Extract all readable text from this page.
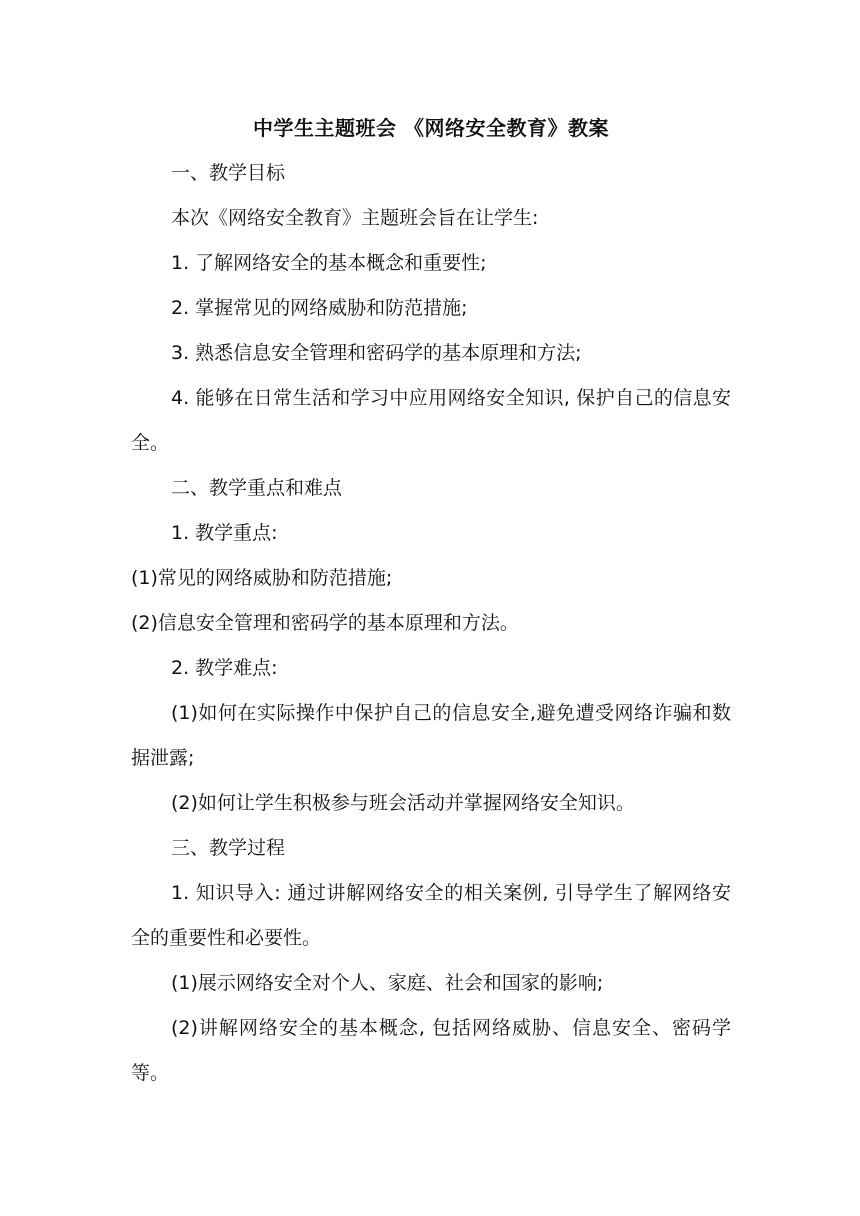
中学生主题班会 《网络安全教育》教案

一、教学目标

本次《网络安全教育》主题班会旨在让学生:

1. 了解网络安全的基本概念和重要性;

2. 掌握常见的网络威胁和防范措施;

3. 熟悉信息安全管理和密码学的基本原理和方法;

4. 能够在日常生活和学习中应用网络安全知识, 保护自己的信息安全。

二、教学重点和难点

1. 教学重点:

(1)常见的网络威胁和防范措施;

(2)信息安全管理和密码学的基本原理和方法。

2. 教学难点:

(1)如何在实际操作中保护自己的信息安全,避免遭受网络诈骗和数据泄露;

(2)如何让学生积极参与班会活动并掌握网络安全知识。

三、教学过程

1. 知识导入: 通过讲解网络安全的相关案例, 引导学生了解网络安全的重要性和必要性。

(1)展示网络安全对个人、家庭、社会和国家的影响;

(2)讲解网络安全的基本概念, 包括网络威胁、信息安全、密码学等。
